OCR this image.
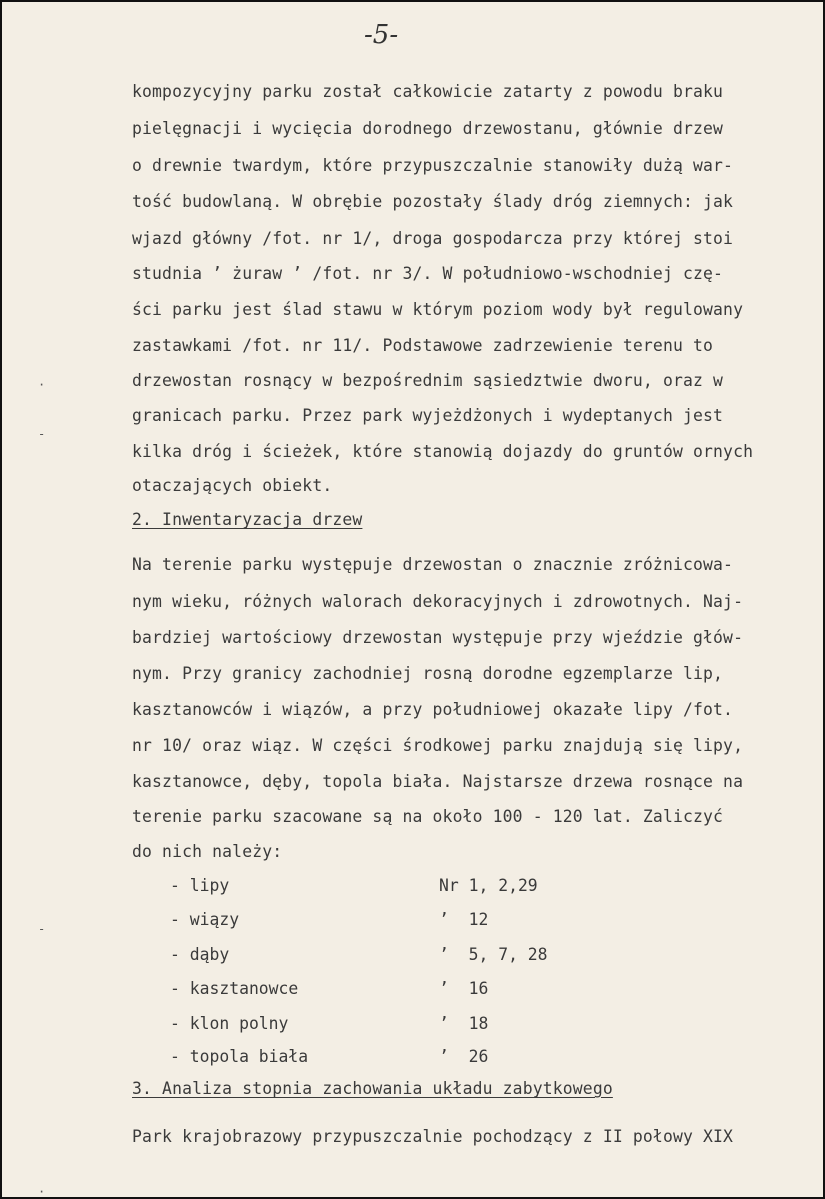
-5-
kompozycyjny parku został całkowicie zatarty z powodu braku
pielęgnacji i wycięcia dorodnego drzewostanu, głównie drzew
o drewnie twardym, które przypuszczalnie stanowiły dużą war-
tość budowlaną. W obrębie pozostały ślady dróg ziemnych: jak
wjazd główny /fot. nr 1/, droga gospodarcza przy której stoi
studnia ’ żuraw ’ /fot. nr 3/. W południowo-wschodniej czę-
ści parku jest ślad stawu w którym poziom wody był regulowany
zastawkami /fot. nr 11/. Podstawowe zadrzewienie terenu to
drzewostan rosnący w bezpośrednim sąsiedztwie dworu, oraz w
granicach parku. Przez park wyjeżdżonych i wydeptanych jest
kilka dróg i ścieżek, które stanowią dojazdy do gruntów ornych
otaczających obiekt.
2. Inwentaryzacja drzew
Na terenie parku występuje drzewostan o znacznie zróżnicowa-
nym wieku, różnych walorach dekoracyjnych i zdrowotnych. Naj-
bardziej wartościowy drzewostan występuje przy wjeździe głów-
nym. Przy granicy zachodniej rosną dorodne egzemplarze lip,
kasztanowców i wiązów, a przy południowej okazałe lipy /fot.
nr 10/ oraz wiąz. W części środkowej parku znajdują się lipy,
kasztanowce, dęby, topola biała. Najstarsze drzewa rosnące na
terenie parku szacowane są na około 100 - 120 lat. Zaliczyć
do nich należy:
- lipy	Nr 1, 2,29
- wiązy	’  12
- dąby	’  5, 7, 28
- kasztanowce	’  16
- klon polny	’  18
- topola biała	’  26
3. Analiza stopnia zachowania układu zabytkowego
Park krajobrazowy przypuszczalnie pochodzący z II połowy XIX
·
-
-
·
